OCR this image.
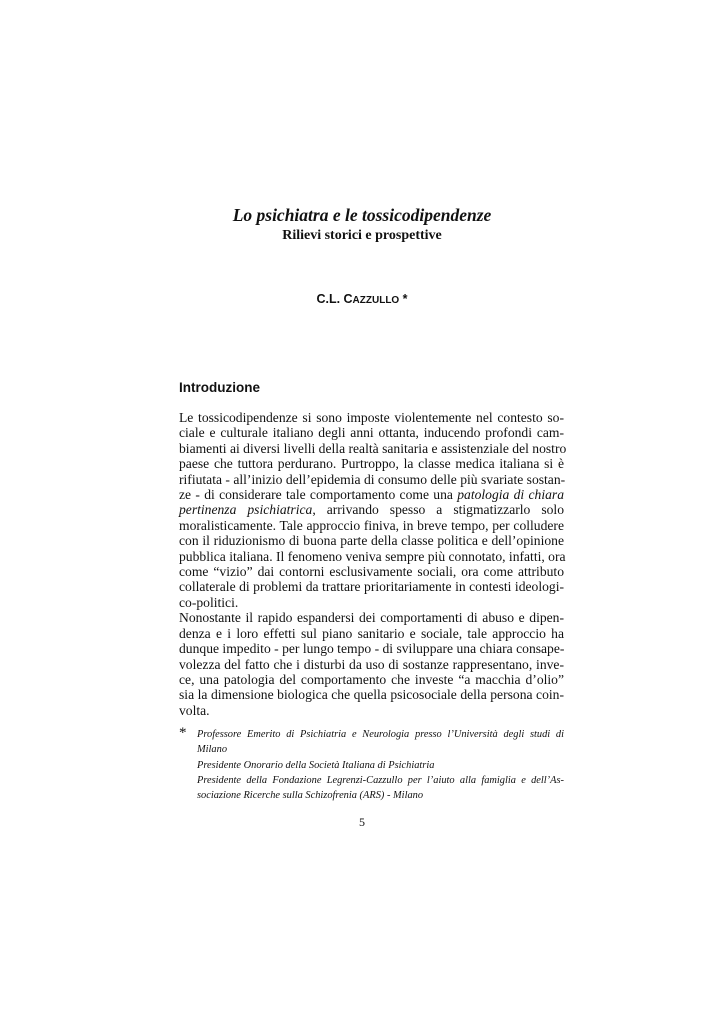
Lo psichiatra e le tossicodipendenze
Rilievi storici e prospettive
C.L. CAZZULLO *
Introduzione
Le tossicodipendenze si sono imposte violentemente nel contesto so-
ciale e culturale italiano degli anni ottanta, inducendo profondi cam-
biamenti ai diversi livelli della realtà sanitaria e assistenziale del nostro
paese che tuttora perdurano. Purtroppo, la classe medica italiana si è
rifiutata - all’inizio dell’epidemia di consumo delle più svariate sostan-
ze - di considerare tale comportamento come una patologia di chiara
pertinenza psichiatrica, arrivando spesso a stigmatizzarlo solo
moralisticamente. Tale approccio finiva, in breve tempo, per colludere
con il riduzionismo di buona parte della classe politica e dell’opinione
pubblica italiana. Il fenomeno veniva sempre più connotato, infatti, ora
come “vizio” dai contorni esclusivamente sociali, ora come attributo
collaterale di problemi da trattare prioritariamente in contesti ideologi-
co-politici.
Nonostante il rapido espandersi dei comportamenti di abuso e dipen-
denza e i loro effetti sul piano sanitario e sociale, tale approccio ha
dunque impedito - per lungo tempo - di sviluppare una chiara consape-
volezza del fatto che i disturbi da uso di sostanze rappresentano, inve-
ce, una patologia del comportamento che investe “a macchia d’olio”
sia la dimensione biologica che quella psicosociale della persona coin-
volta.
* Professore Emerito di Psichiatria e Neurologia presso l’Università degli studi di
Milano
Presidente Onorario della Società Italiana di Psichiatria
Presidente della Fondazione Legrenzi-Cazzullo per l’aiuto alla famiglia e dell’As-
sociazione Ricerche sulla Schizofrenia (ARS) - Milano
5
